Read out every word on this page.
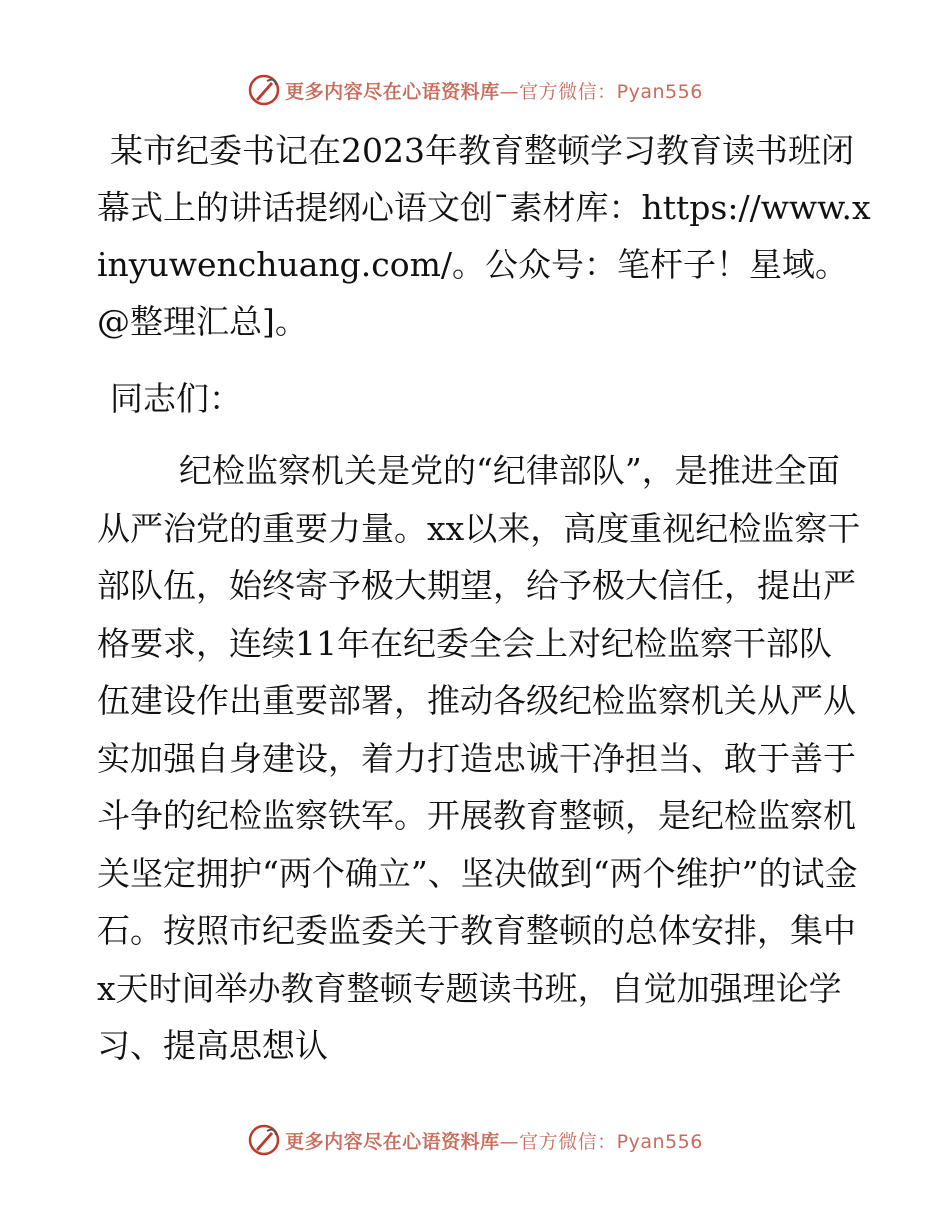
更多内容尽在心语资料库—官方微信：Pyan556

某市纪委书记在2023年教育整顿学习教育读书班闭幕式上的讲话提纲心语文创¯素材库：https://www.xinyuwenchuang.com/。公众号：笔杆子！星域。@整理汇总]。

同志们：

纪检监察机关是党的“纪律部队”，是推进全面从严治党的重要力量。xx以来，高度重视纪检监察干部队伍，始终寄予极大期望，给予极大信任，提出严格要求，连续11年在纪委全会上对纪检监察干部队伍建设作出重要部署，推动各级纪检监察机关从严从实加强自身建设，着力打造忠诚干净担当、敢于善于斗争的纪检监察铁军。开展教育整顿，是纪检监察机关坚定拥护“两个确立”、坚决做到“两个维护”的试金石。按照市纪委监委关于教育整顿的总体安排，集中x天时间举办教育整顿专题读书班，自觉加强理论学习、提高思想认

更多内容尽在心语资料库—官方微信：Pyan556
